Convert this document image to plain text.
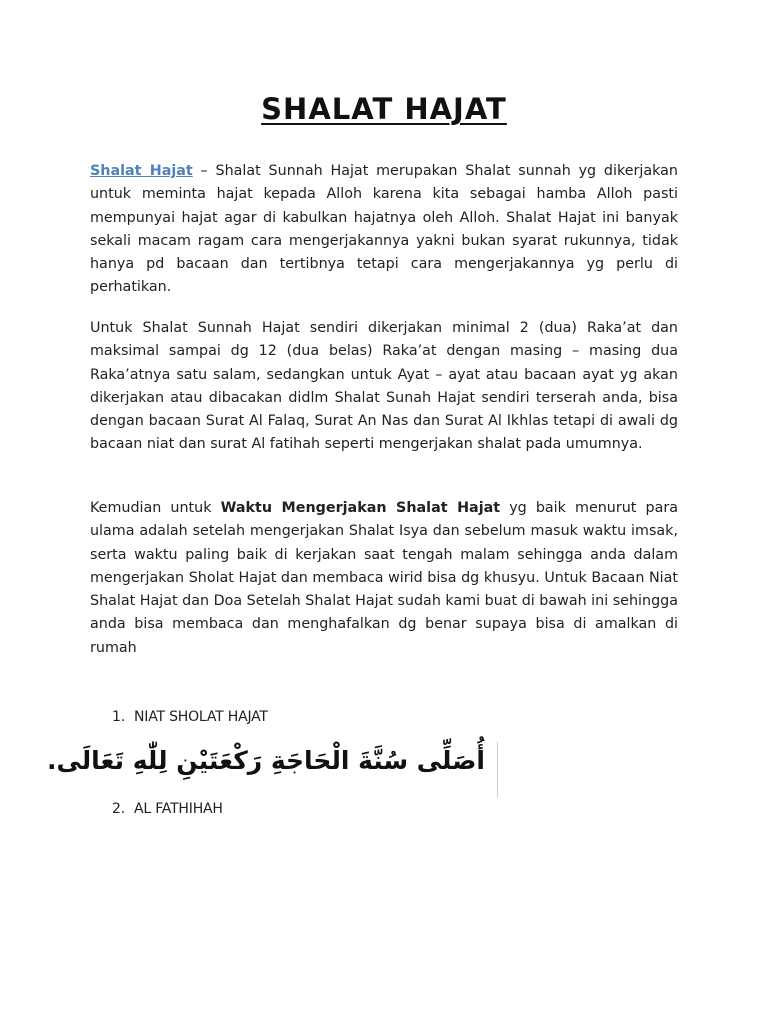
SHALAT HAJAT
Shalat Hajat – Shalat Sunnah Hajat merupakan Shalat sunnah yg dikerjakan untuk meminta hajat kepada Alloh karena kita sebagai hamba Alloh pasti mempunyai hajat agar di kabulkan hajatnya oleh Alloh. Shalat Hajat ini banyak sekali macam ragam cara mengerjakannya yakni bukan syarat rukunnya, tidak hanya pd bacaan dan tertibnya tetapi cara mengerjakannya yg perlu di perhatikan.
Untuk Shalat Sunnah Hajat sendiri dikerjakan minimal 2 (dua) Raka’at dan maksimal sampai dg 12 (dua belas) Raka’at dengan masing – masing dua Raka’atnya satu salam, sedangkan untuk Ayat – ayat atau bacaan ayat yg akan dikerjakan atau dibacakan didlm Shalat Sunah Hajat sendiri terserah anda, bisa dengan bacaan Surat Al Falaq, Surat An Nas dan Surat Al Ikhlas tetapi di awali dg bacaan niat dan surat Al fatihah seperti mengerjakan shalat pada umumnya.
Kemudian untuk Waktu Mengerjakan Shalat Hajat yg baik menurut para ulama adalah setelah mengerjakan Shalat Isya dan sebelum masuk waktu imsak, serta waktu paling baik di kerjakan saat tengah malam sehingga anda dalam mengerjakan Sholat Hajat dan membaca wirid bisa dg khusyu. Untuk Bacaan Niat Shalat Hajat dan Doa Setelah Shalat Hajat sudah kami buat di bawah ini sehingga anda bisa membaca dan menghafalkan dg benar supaya bisa di amalkan di rumah
1. NIAT SHOLAT HAJAT
أُصَلِّى سُنَّةَ الْحَاجَةِ رَكْعَتَيْنِ لِلّٰهِ تَعَالَى.
2. AL FATHIHAH
